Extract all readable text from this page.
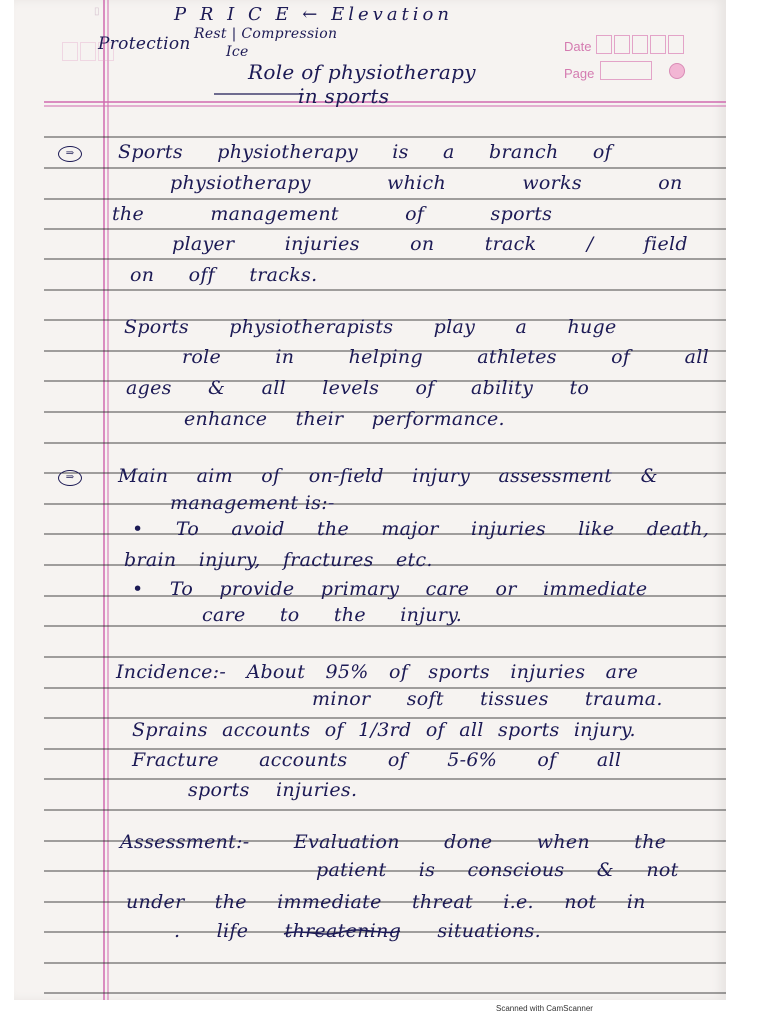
▯
Date
Page
P R I C E ← Elevation
Rest | Compression
Protection	Ice
Role of physiotherapy
in sports
⇒	Sports physiotherapy is a branch of
physiotherapy which works on
the management of sports
player injuries on track / field
on off tracks.
Sports physiotherapists play a huge
role in helping athletes of all
ages & all levels of ability to
enhance their performance.
⇒	Main aim of on-field injury assessment &
management is:-
• To avoid the major injuries like death,
brain injury, fractures etc.
• To provide primary care or immediate
care to the injury.
Incidence:- About 95% of sports injuries are
minor soft tissues trauma.
Sprains accounts of 1/3rd of all sports injury.
Fracture accounts of 5-6% of all
sports injuries.
Assessment:- Evaluation done when the
patient is conscious & not
under the immediate threat i.e. not in
. life threatening situations.
Scanned with CamScanner
